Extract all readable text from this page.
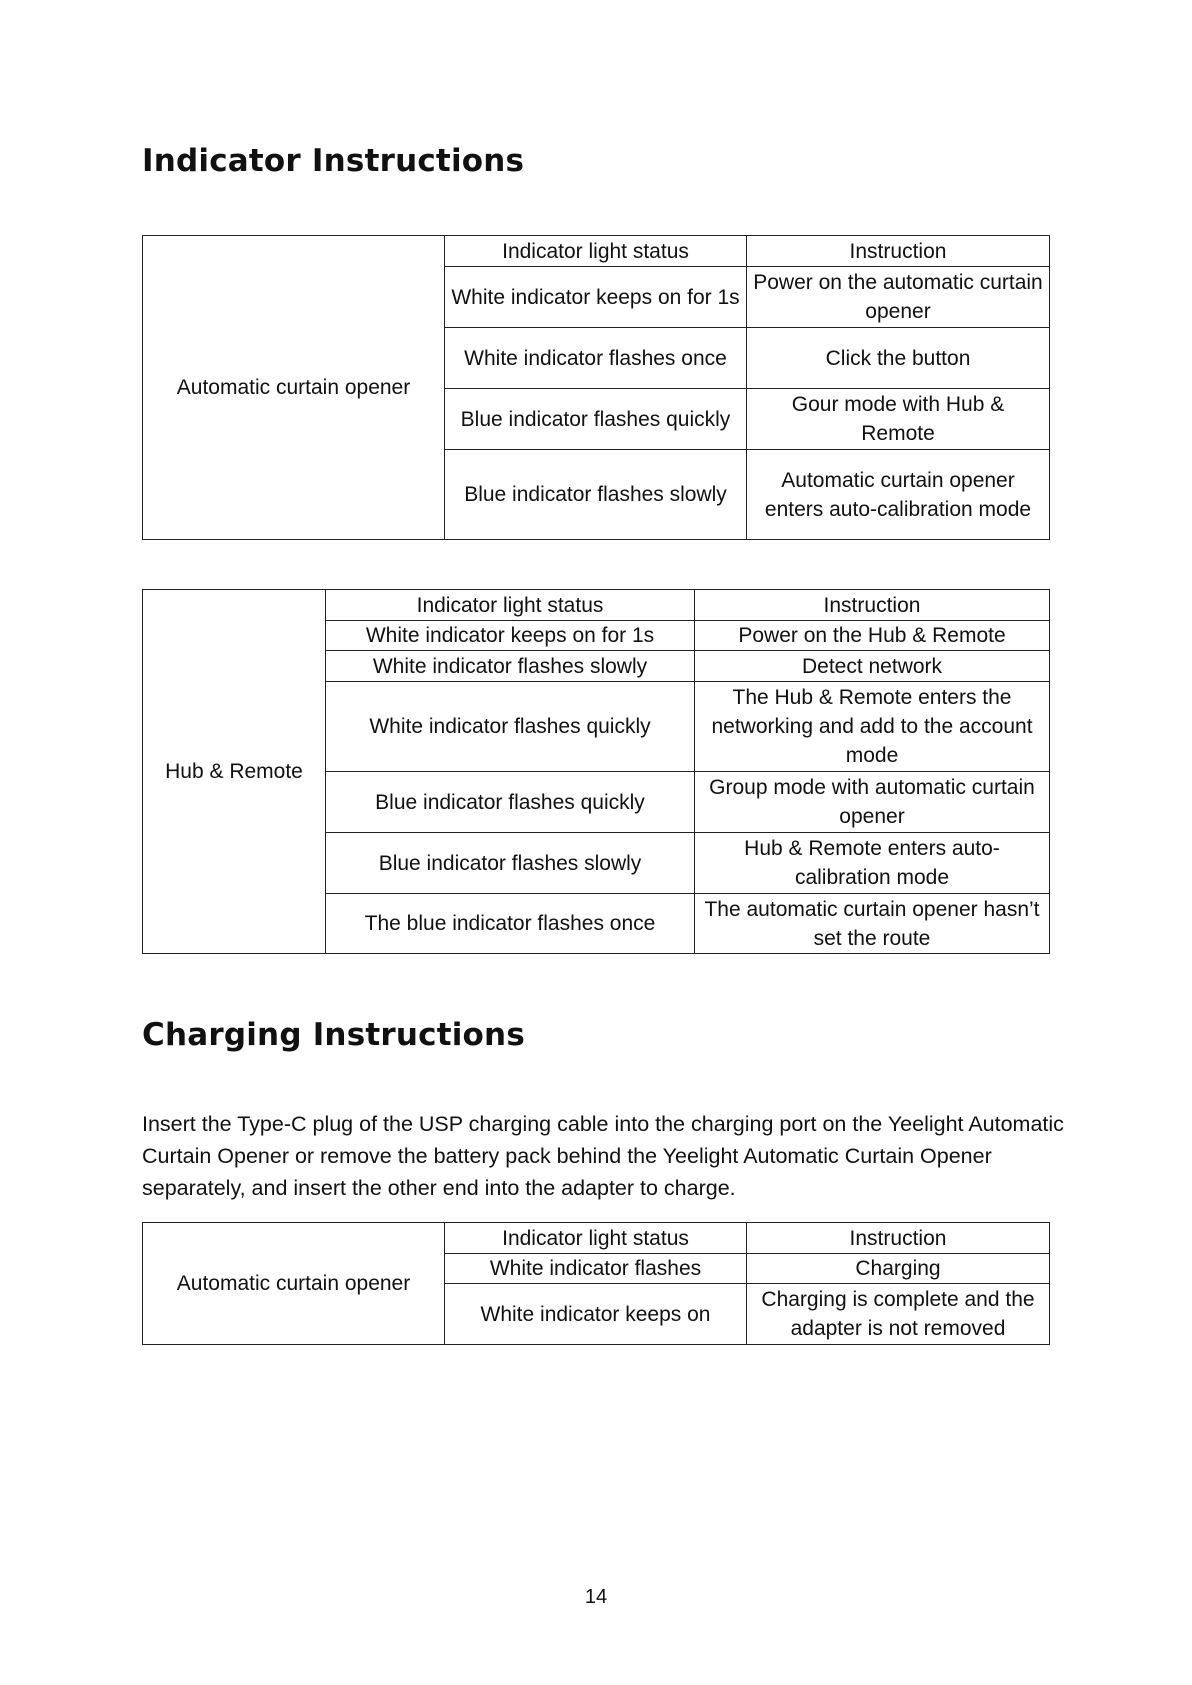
Indicator Instructions
Automatic curtain opener	Indicator light status	Instruction
	White indicator keeps on for 1s	Power on the automatic curtain opener
	White indicator flashes once	Click the button
	Blue indicator flashes quickly	Gour mode with Hub & Remote
	Blue indicator flashes slowly	Automatic curtain opener enters auto-calibration mode
Hub & Remote	Indicator light status	Instruction
	White indicator keeps on for 1s	Power on the Hub & Remote
	White indicator flashes slowly	Detect network
	White indicator flashes quickly	The Hub & Remote enters the networking and add to the account mode
	Blue indicator flashes quickly	Group mode with automatic curtain opener
	Blue indicator flashes slowly	Hub & Remote enters auto-calibration mode
	The blue indicator flashes once	The automatic curtain opener hasn’t set the route
Charging Instructions

Insert the Type-C plug of the USP charging cable into the charging port on the Yeelight Automatic Curtain Opener or remove the battery pack behind the Yeelight Automatic Curtain Opener separately, and insert the other end into the adapter to charge.

Automatic curtain opener	Indicator light status	Instruction
	White indicator flashes	Charging
	White indicator keeps on	Charging is complete and the adapter is not removed
14
